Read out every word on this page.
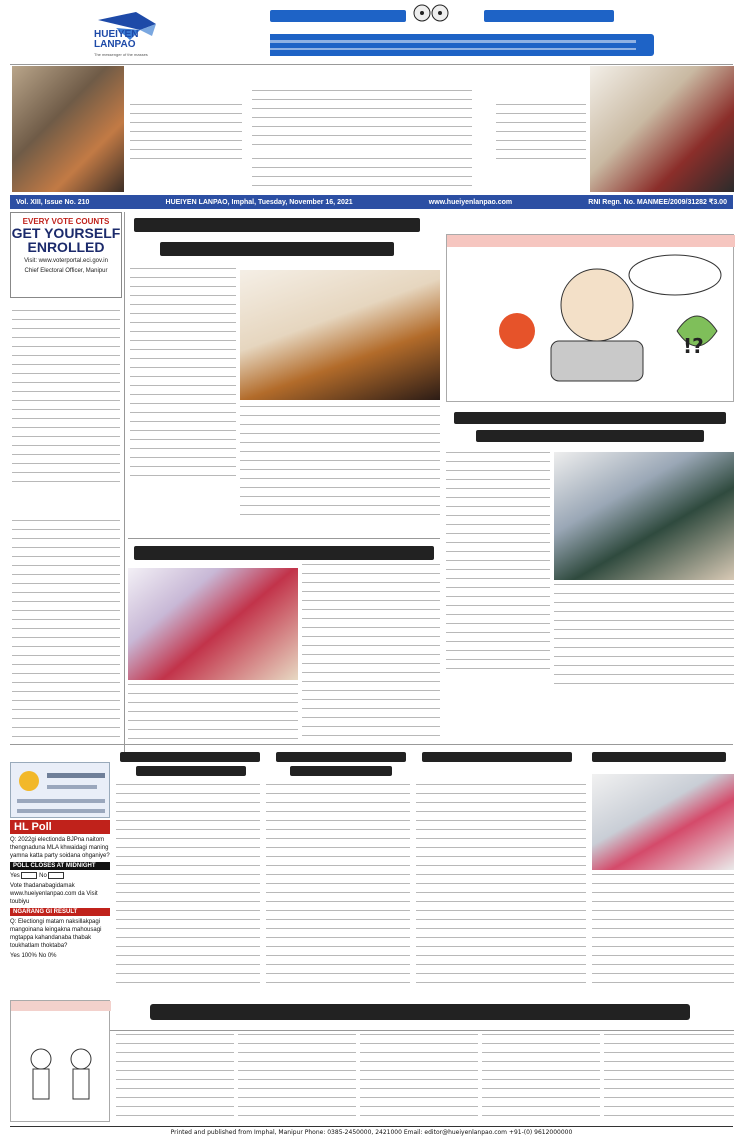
HUEIYEN
LANPAO
The messenger of the masses
Vol. XIII, Issue No. 210	HUEIYEN LANPAO, Imphal, Tuesday, November 16, 2021	www.hueiyenlanpao.com	RNI Regn. No. MANMEE/2009/31282 ₹3.00
EVERY VOTE COUNTS
GET YOURSELF
ENROLLED
Visit: www.voterportal.eci.gov.in
Chief Electoral Officer, Manipur
!?
HL Poll

Q: 2022gi electionda BJPna naitom thengnaduna MLA khwaidagi maning yamna katta party soidana ohganiye?

POLL CLOSES AT MIDNIGHT

Yes	No

Vote thadanabagidamak www.hueiyenlanpao.com da Visit toubiyu

NGARANG GI RESULT

Q: Electiongi matam naksillakpagi mangoinana leingakna mahousagi mgtappa kahandanaba thabak toukhatlam thoktaba?

Yes 100% No 0%

Printed and published from Imphal, Manipur Phone: 0385-2450000, 2421000 Email: editor@hueiyenlanpao.com +91-(0) 9612000000
